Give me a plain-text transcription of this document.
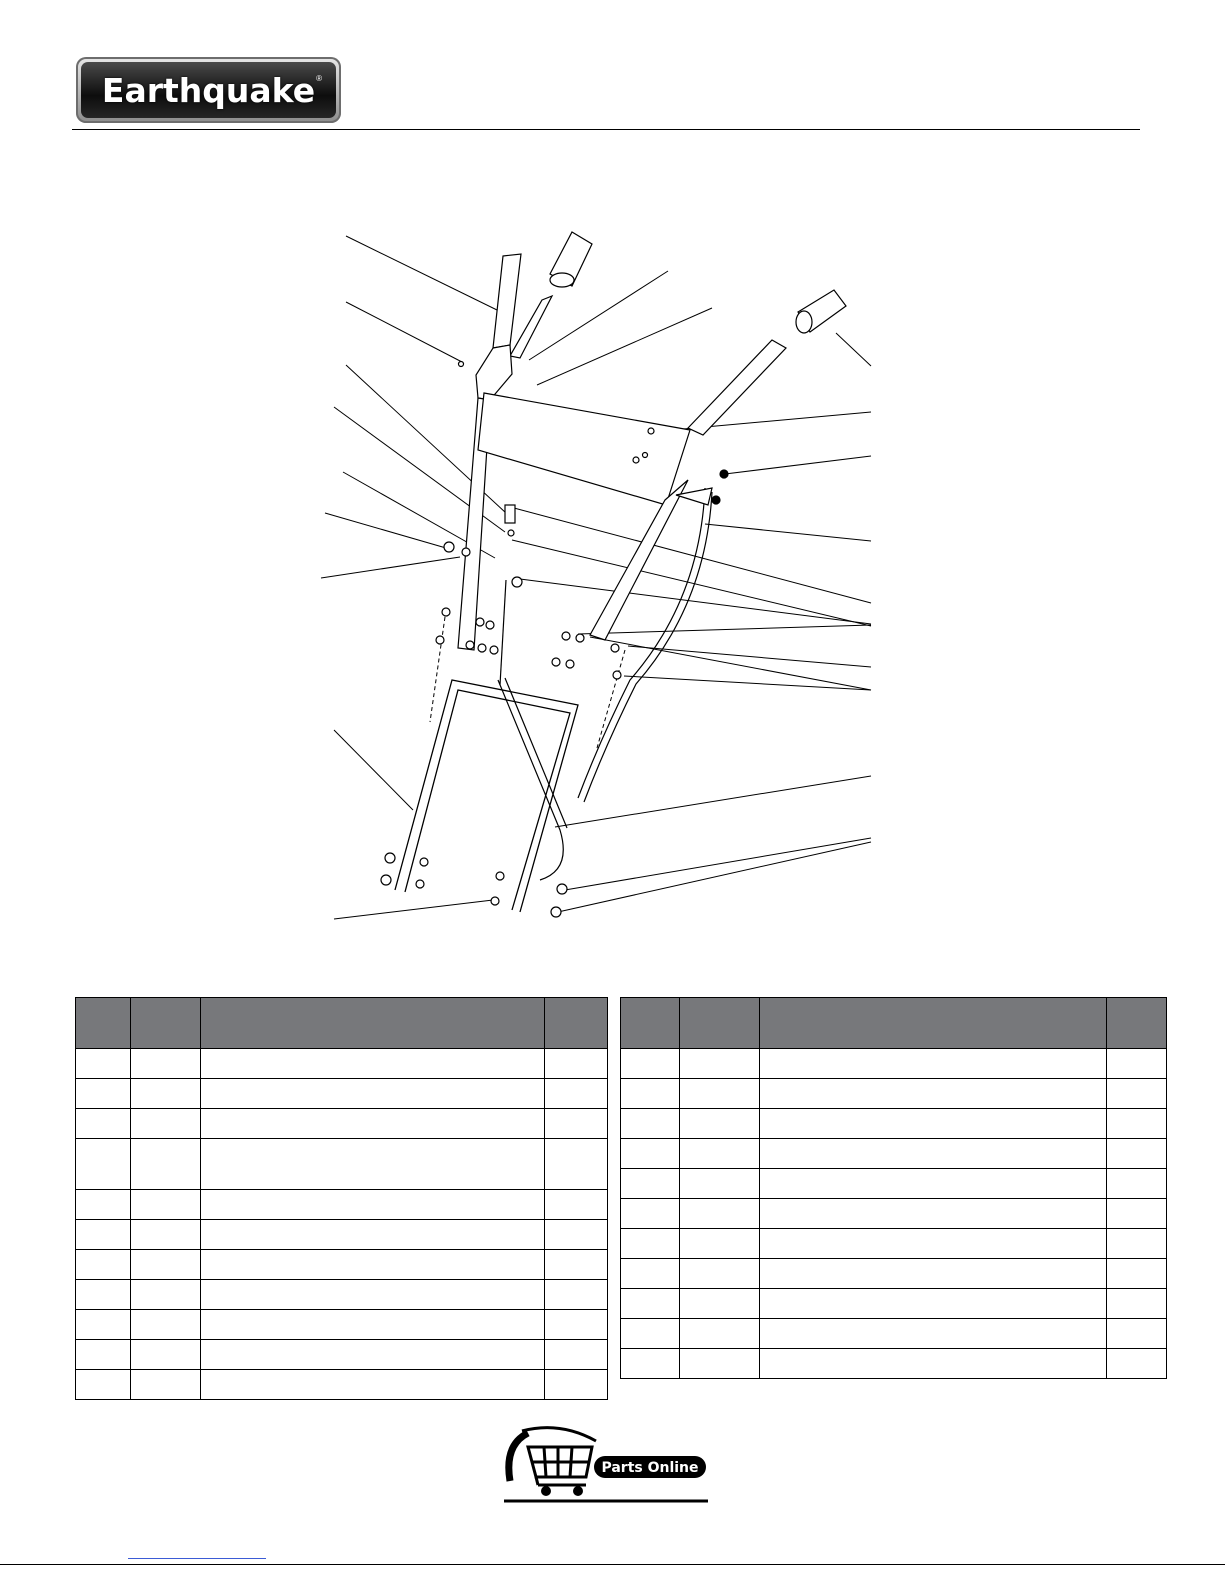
Earthquake ®

Parts Online
